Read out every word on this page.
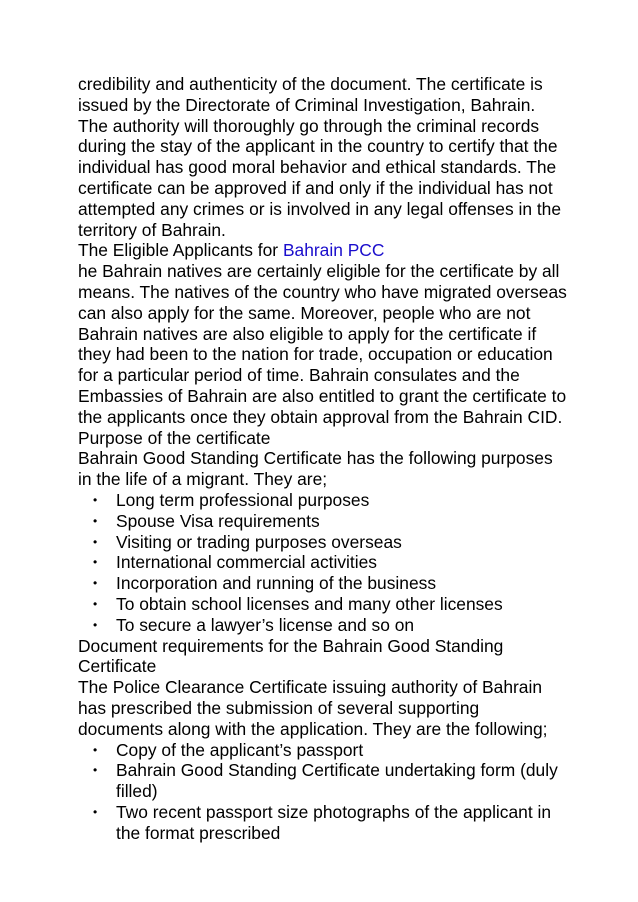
credibility and authenticity of the document. The certificate is issued by the Directorate of Criminal Investigation, Bahrain. The authority will thoroughly go through the criminal records during the stay of the applicant in the country to certify that the individual has good moral behavior and ethical standards. The certificate can be approved if and only if the individual has not attempted any crimes or is involved in any legal offenses in the territory of Bahrain.

The Eligible Applicants for Bahrain PCC

he Bahrain natives are certainly eligible for the certificate by all means. The natives of the country who have migrated overseas can also apply for the same. Moreover, people who are not Bahrain natives are also eligible to apply for the certificate if they had been to the nation for trade, occupation or education for a particular period of time. Bahrain consulates and the Embassies of Bahrain are also entitled to grant the certificate to the applicants once they obtain approval from the Bahrain CID.

Purpose of the certificate

Bahrain Good Standing Certificate has the following purposes in the life of a migrant. They are;

• Long term professional purposes
• Spouse Visa requirements
• Visiting or trading purposes overseas
• International commercial activities
• Incorporation and running of the business
• To obtain school licenses and many other licenses
• To secure a lawyer’s license and so on

Document requirements for the Bahrain Good Standing Certificate

The Police Clearance Certificate issuing authority of Bahrain has prescribed the submission of several supporting documents along with the application. They are the following;

• Copy of the applicant’s passport
• Bahrain Good Standing Certificate undertaking form (duly filled)
• Two recent passport size photographs of the applicant in the format prescribed
